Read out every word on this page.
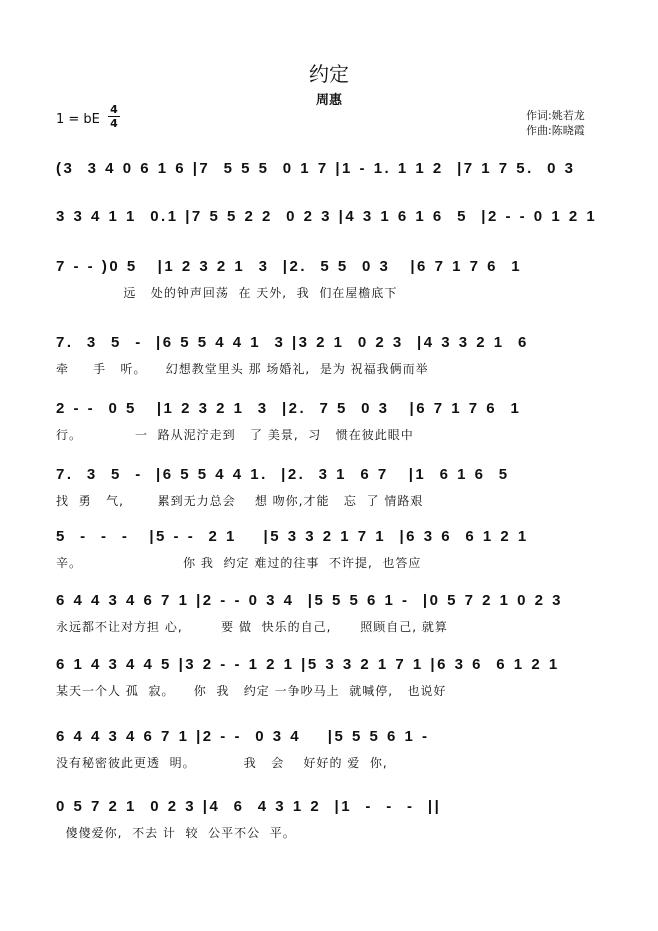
约定
周惠
1 = bE
4
4
作词:姚若龙
作曲:陈晓霞
(3  3 4 0 6 1 6 |7  5 5 5  0 1 7 |1 - 1. 1 1 2  |7 1 7 5.  0 3
3 3 4 1 1  0.1 |7 5 5 2 2  0 2 3 |4 3 1 6 1 6  5  |2 - - 0 1 2 1
7 - - )0 5   |1 2 3 2 1  3  |2.  5 5  0 3   |6 7 1 7 6  1
远   处的钟声回荡  在 天外,  我  们在屋檐底下
7.  3  5  -  |6 5 5 4 4 1  3 |3 2 1  0 2 3  |4 3 3 2 1  6
牵     手   听。    幻想教堂里头 那 场婚礼,  是为 祝福我俩而举
2 - -  0 5   |1 2 3 2 1  3  |2.  7 5  0 3   |6 7 1 7 6  1
行。           一  路从泥泞走到   了 美景,  习   惯在彼此眼中
7.  3  5  -  |6 5 5 4 4 1.  |2.  3 1  6 7   |1  6 1 6  5
找  勇   气,       累到无力总会    想 吻你,才能   忘  了 情路艰
5  -  -  -   |5 - -  2 1    |5 3 3 2 1 7 1  |6 3 6  6 1 2 1
辛。                     你 我  约定 难过的往事  不许提,  也答应
6 4 4 3 4 6 7 1 |2 - - 0 3 4  |5 5 5 6 1 -  |0 5 7 2 1 0 2 3
永远都不让对方担 心,        要 做  快乐的自己,      照顾自己, 就算
6 1 4 3 4 4 5 |3 2 - - 1 2 1 |5 3 3 2 1 7 1 |6 3 6  6 1 2 1
某天一个人 孤  寂。    你  我   约定 一争吵马上  就喊停,   也说好
6 4 4 3 4 6 7 1 |2 - -  0 3 4    |5 5 5 6 1 -
没有秘密彼此更透  明。          我   会    好好的 爱  你,
0 5 7 2 1  0 2 3 |4  6  4 3 1 2  |1  -  -  -  ||
傻傻爱你,  不去 计  较  公平不公  平。
